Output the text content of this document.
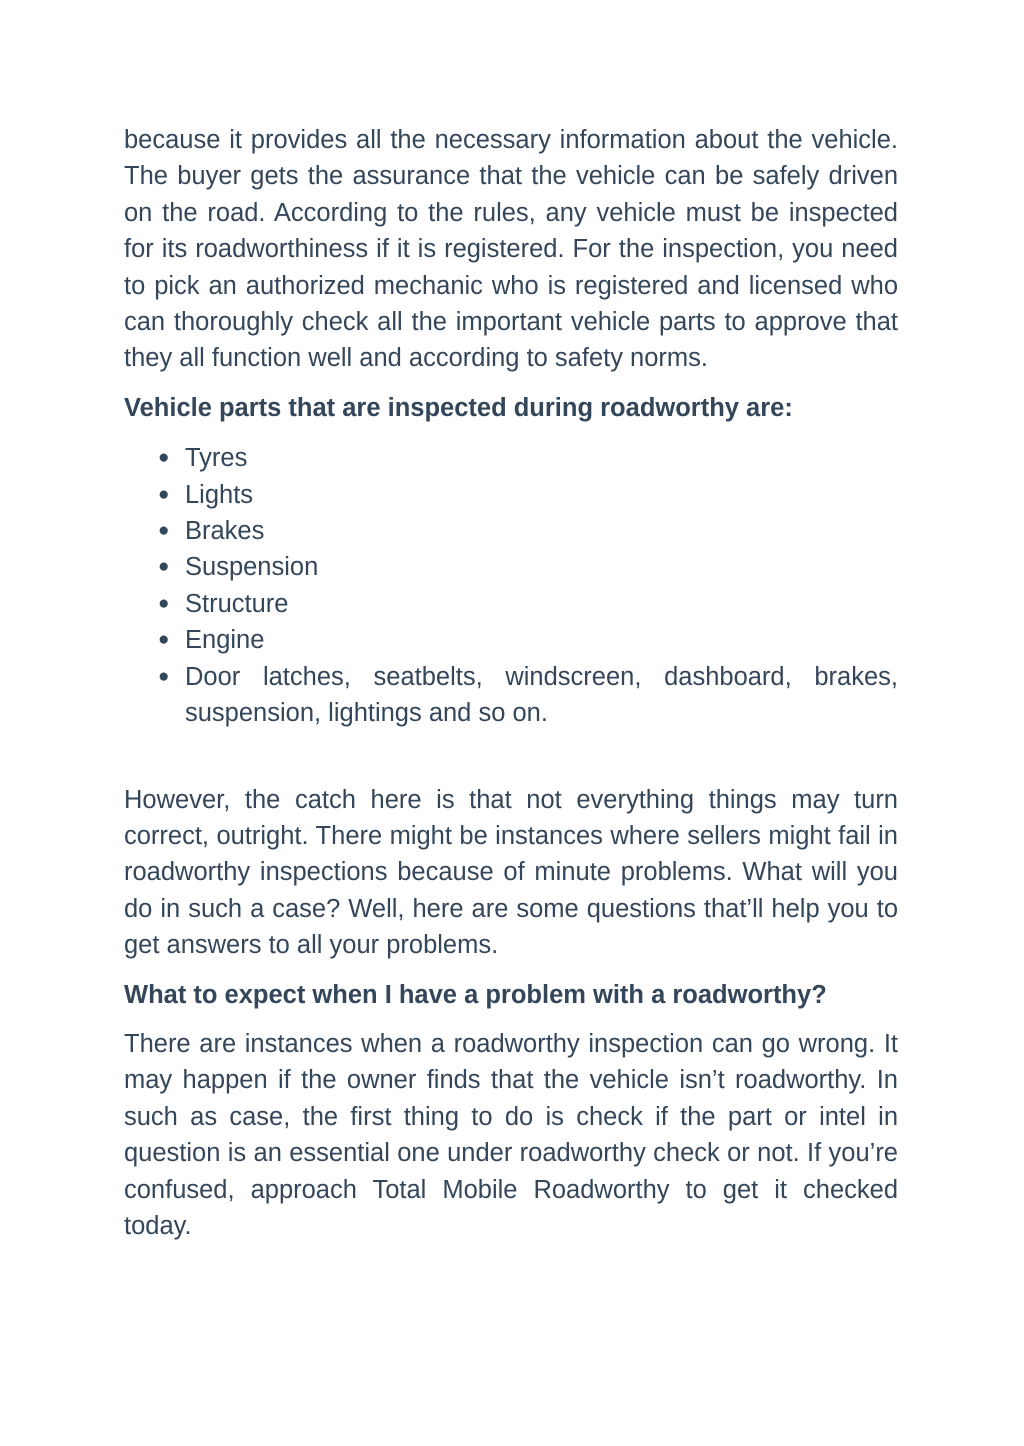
because it provides all the necessary information about the vehicle. The buyer gets the assurance that the vehicle can be safely driven on the road. According to the rules, any vehicle must be inspected for its roadworthiness if it is registered. For the inspection, you need to pick an authorized mechanic who is registered and licensed who can thoroughly check all the important vehicle parts to approve that they all function well and according to safety norms.

Vehicle parts that are inspected during roadworthy are:
● Tyres
● Lights
● Brakes
● Suspension
● Structure
● Engine
● Door latches, seatbelts, windscreen, dashboard, brakes, suspension, lightings and so on.

However, the catch here is that not everything things may turn correct, outright. There might be instances where sellers might fail in roadworthy inspections because of minute problems. What will you do in such a case? Well, here are some questions that’ll help you to get answers to all your problems.

What to expect when I have a problem with a roadworthy?

There are instances when a roadworthy inspection can go wrong. It may happen if the owner finds that the vehicle isn’t roadworthy. In such as case, the first thing to do is check if the part or intel in question is an essential one under roadworthy check or not. If you’re confused, approach Total Mobile Roadworthy to get it checked today.
